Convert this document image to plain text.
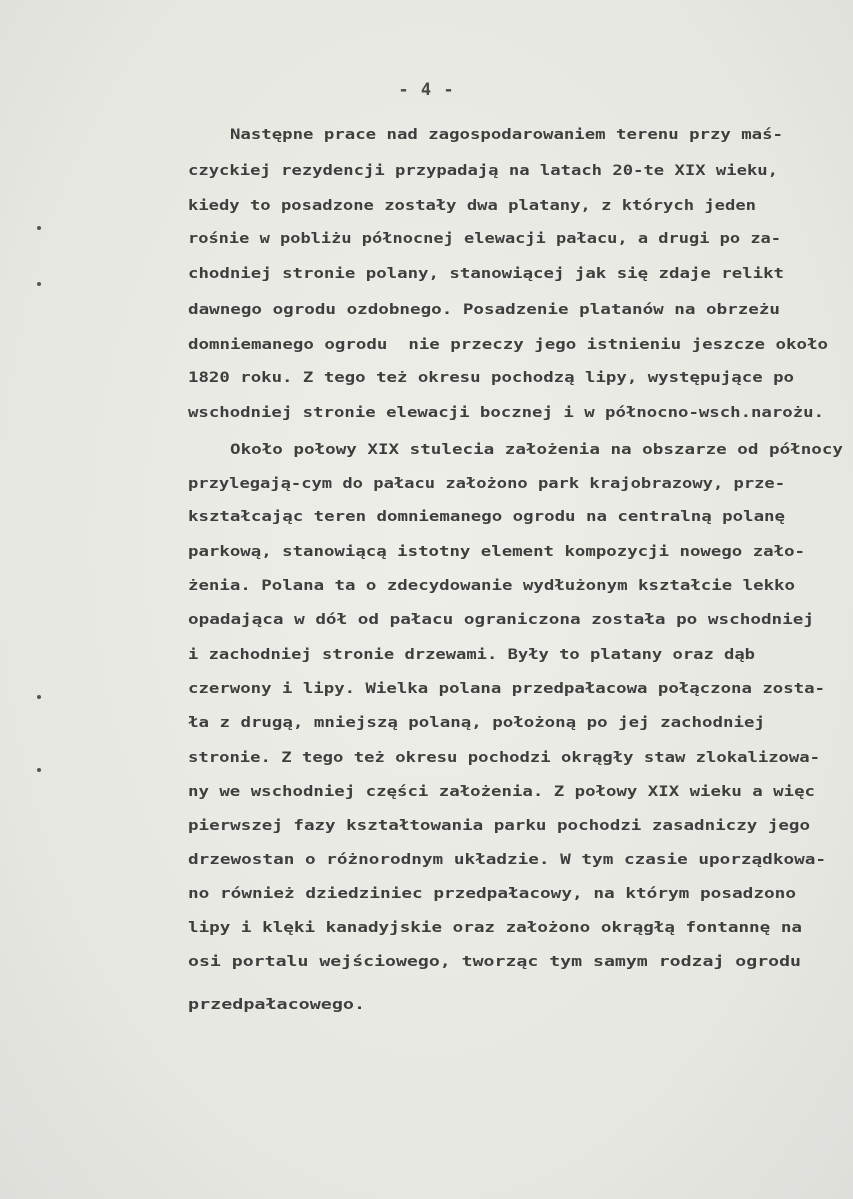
- 4 -
Następne prace nad zagospodarowaniem terenu przy maś-
czyckiej rezydencji przypadają na latach 20-te XIX wieku,
kiedy to posadzone zostały dwa platany, z których jeden
rośnie w pobliżu północnej elewacji pałacu, a drugi po za-
chodniej stronie polany, stanowiącej jak się zdaje relikt
dawnego ogrodu ozdobnego. Posadzenie platanów na obrzeżu
domniemanego ogrodu  nie przeczy jego istnieniu jeszcze około
1820 roku. Z tego też okresu pochodzą lipy, występujące po
wschodniej stronie elewacji bocznej i w północno-wsch.narożu.
Około połowy XIX stulecia założenia na obszarze od północy
przylegają-cym do pałacu założono park krajobrazowy, prze-
kształcając teren domniemanego ogrodu na centralną polanę
parkową, stanowiącą istotny element kompozycji nowego zało-
żenia. Polana ta o zdecydowanie wydłużonym kształcie lekko
opadająca w dół od pałacu ograniczona została po wschodniej
i zachodniej stronie drzewami. Były to platany oraz dąb
czerwony i lipy. Wielka polana przedpałacowa połączona zosta-
ła z drugą, mniejszą polaną, położoną po jej zachodniej
stronie. Z tego też okresu pochodzi okrągły staw zlokalizowa-
ny we wschodniej części założenia. Z połowy XIX wieku a więc
pierwszej fazy kształtowania parku pochodzi zasadniczy jego
drzewostan o różnorodnym układzie. W tym czasie uporządkowa-
no również dziedziniec przedpałacowy, na którym posadzono
lipy i klęki kanadyjskie oraz założono okrągłą fontannę na
osi portalu wejściowego, tworząc tym samym rodzaj ogrodu
przedpałacowego.
